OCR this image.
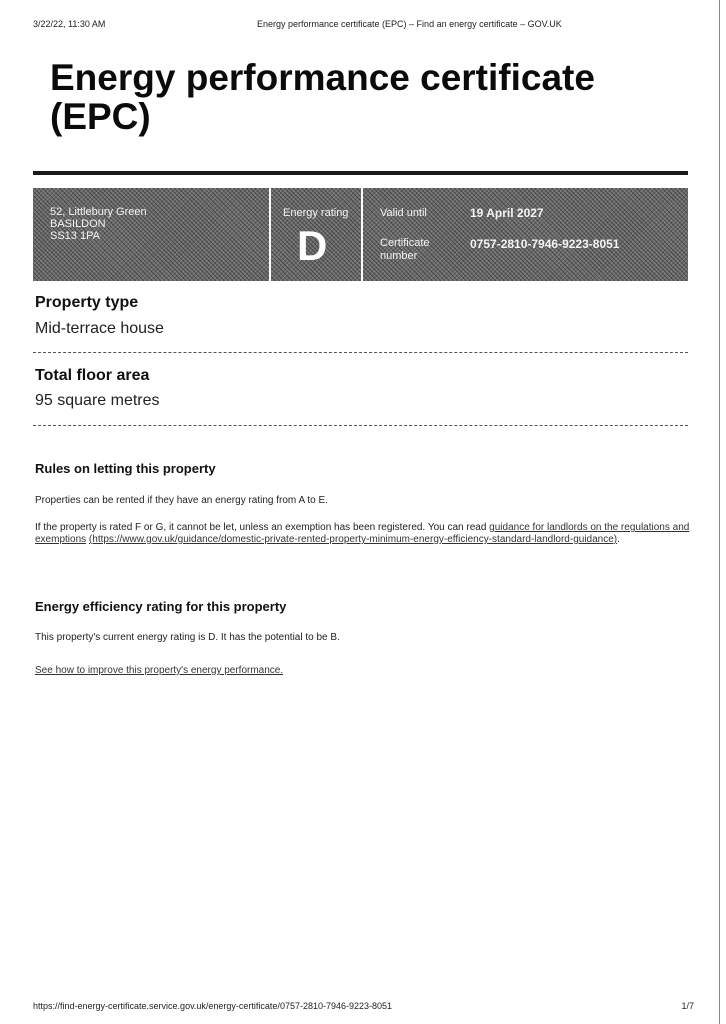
3/22/22, 11:30 AM	Energy performance certificate (EPC) – Find an energy certificate – GOV.UK
Energy performance certificate (EPC)
52, Littlebury Green
BASILDON
SS13 1PA
Energy rating
D
Valid until	19 April 2027
Certificate number
0757-2810-7946-9223-8051
Property type
Mid-terrace house
Total floor area
95 square metres
Rules on letting this property
Properties can be rented if they have an energy rating from A to E.
If the property is rated F or G, it cannot be let, unless an exemption has been registered. You can read guidance for landlords on the regulations and exemptions (https://www.gov.uk/guidance/domestic-private-rented-property-minimum-energy-efficiency-standard-landlord-guidance).
Energy efficiency rating for this property
This property's current energy rating is D. It has the potential to be B.
See how to improve this property's energy performance.
https://find-energy-certificate.service.gov.uk/energy-certificate/0757-2810-7946-9223-8051	1/7
